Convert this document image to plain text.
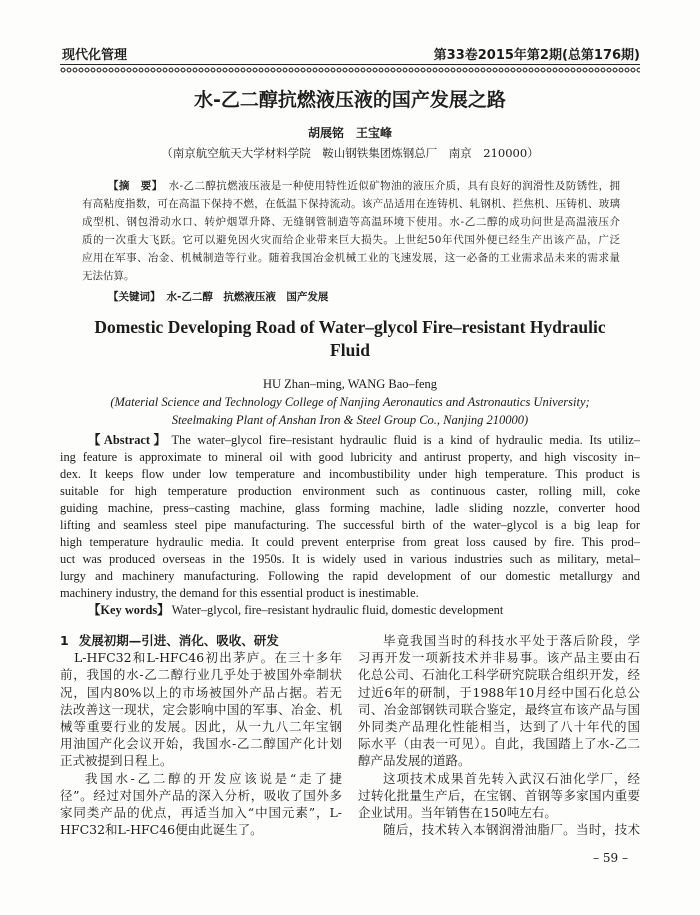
现代化管理	第33卷2015年第2期(总第176期)
水-乙二醇抗燃液压液的国产发展之路
胡展铭　王宝峰
（南京航空航天大学材料学院　鞍山钢铁集团炼钢总厂　南京　210000）
【摘　要】 水-乙二醇抗燃液压液是一种使用特性近似矿物油的液压介质，具有良好的润滑性及防锈性，拥
有高粘度指数，可在高温下保持不燃，在低温下保持流动。该产品适用在连铸机、轧钢机、拦焦机、压铸机、玻璃
成型机、钢包滑动水口、转炉烟罩升降、无缝钢管制造等高温环境下使用。水-乙二醇的成功问世是高温液压介
质的一次重大飞跃。它可以避免因火灾而给企业带来巨大损失。上世纪50年代国外便已经生产出该产品，广泛
应用在军事、冶金、机械制造等行业。随着我国冶金机械工业的飞速发展，这一必备的工业需求品未来的需求量
无法估算。
【关键词】 水-乙二醇　抗燃液压液　国产发展
Domestic Developing Road of Water–glycol Fire–resistant Hydraulic
Fluid
HU Zhan–ming, WANG Bao–feng
(Material Science and Technology College of Nanjing Aeronautics and Astronautics University;
Steelmaking Plant of Anshan Iron & Steel Group Co., Nanjing 210000)
【Abstract】 The water–glycol fire–resistant hydraulic fluid is a kind of hydraulic media. Its utiliz–
ing feature is approximate to mineral oil with good lubricity and antirust property, and high viscosity in–
dex. It keeps flow under low temperature and incombustibility under high temperature. This product is
suitable for high temperature production environment such as continuous caster, rolling mill, coke
guiding machine, press–casting machine, glass forming machine, ladle sliding nozzle, converter hood
lifting and seamless steel pipe manufacturing. The successful birth of the water–glycol is a big leap for
high temperature hydraulic media. It could prevent enterprise from great loss caused by fire. This prod–
uct was produced overseas in the 1950s. It is widely used in various industries such as military, metal–
lurgy and machinery manufacturing. Following the rapid development of our domestic metallurgy and
machinery industry, the demand for this essential product is inestimable.
【Key words】 Water–glycol, fire–resistant hydraulic fluid, domestic development
1 发展初期—引进、消化、吸收、研发
L-HFC32和L-HFC46初出茅庐。在三十多年
前，我国的水-乙二醇行业几乎处于被国外牵制状
况，国内80%以上的市场被国外产品占据。若无
法改善这一现状，定会影响中国的军事、冶金、机
械等重要行业的发展。因此，从一九八二年宝钢
用油国产化会议开始，我国水-乙二醇国产化计划
正式被提到日程上。
我国水-乙二醇的开发应该说是“走了捷
径”。经过对国外产品的深入分析，吸收了国外多
家同类产品的优点，再适当加入“中国元素”，L-
HFC32和L-HFC46便由此诞生了。
毕竟我国当时的科技水平处于落后阶段，学
习再开发一项新技术并非易事。该产品主要由石
化总公司、石油化工科学研究院联合组织开发，经
过近6年的研制，于1988年10月经中国石化总公
司、冶金部钢铁司联合鉴定，最终宣布该产品与国
外同类产品理化性能相当，达到了八十年代的国
际水平（由表一可见）。自此，我国踏上了水-乙二
醇产品发展的道路。
这项技术成果首先转入武汉石油化学厂，经
过转化批量生产后，在宝钢、首钢等多家国内重要
企业试用。当年销售在150吨左右。
随后，技术转入本钢润滑油脂厂。当时，技术
– 59 –
